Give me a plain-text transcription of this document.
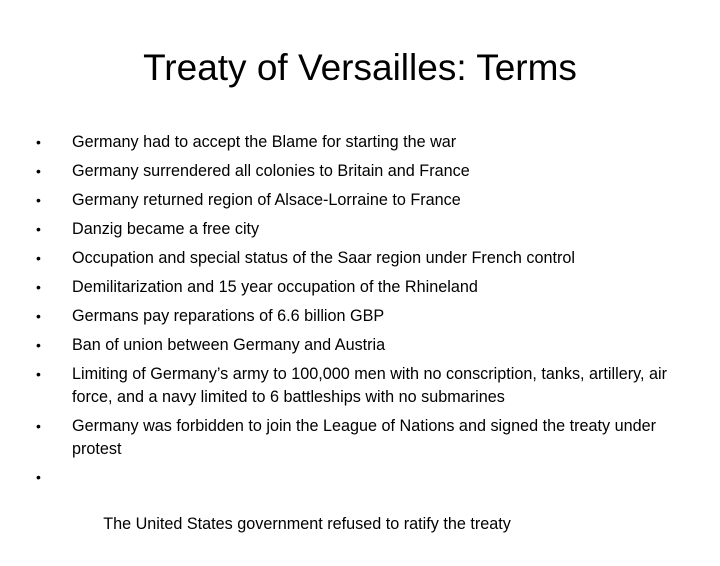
Treaty of Versailles: Terms
•	Germany had to accept the Blame for starting the war
•	Germany surrendered all colonies to Britain and France
•	Germany returned region of Alsace-Lorraine to France
•	Danzig became a free city
•	Occupation and special status of the Saar region under French control
•	Demilitarization and 15 year occupation of the Rhineland
•	Germans pay reparations of 6.6 billion GBP
•	Ban of union between Germany and Austria
•	Limiting of Germany’s army to 100,000 men with no conscription, tanks, artillery, air force, and a navy limited to 6 battleships with no submarines
•	Germany was forbidden to join the League of Nations and signed the treaty under protest

•

The United States government refused to ratify the treaty
